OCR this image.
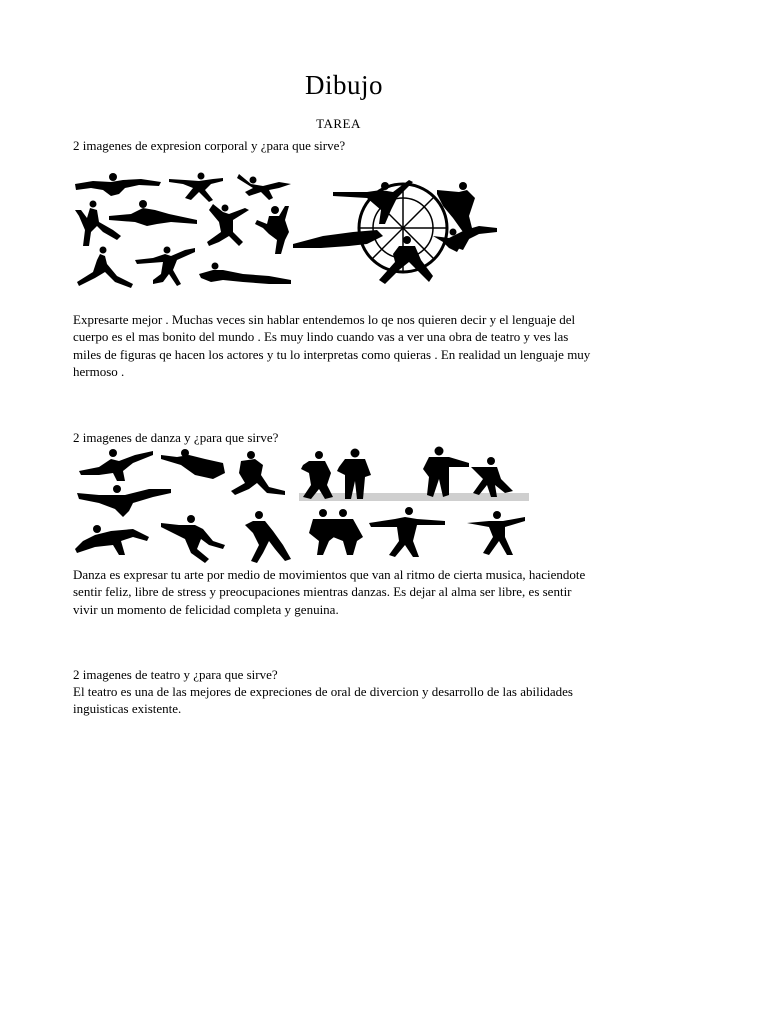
Dibujo
TAREA
2 imagenes de expresion corporal y ¿para que sirve?
Expresarte mejor . Muchas veces sin hablar entendemos lo qe nos quieren decir y el lenguaje del
cuerpo es el mas bonito del mundo . Es muy lindo cuando vas a ver una obra de teatro y ves las
miles de figuras qe hacen los actores y tu lo interpretas como quieras . En realidad un lenguaje muy
hermoso .
2 imagenes de danza y ¿para que sirve?
Danza es expresar tu arte por medio de movimientos que van al ritmo de cierta musica, haciendote
sentir feliz, libre de stress y preocupaciones mientras danzas. Es dejar al alma ser libre, es sentir
vivir un momento de felicidad completa y genuina.
2 imagenes de teatro y ¿para que sirve?
El teatro es una de las mejores de expreciones de oral de divercion y desarrollo de las abilidades
inguisticas existente.
